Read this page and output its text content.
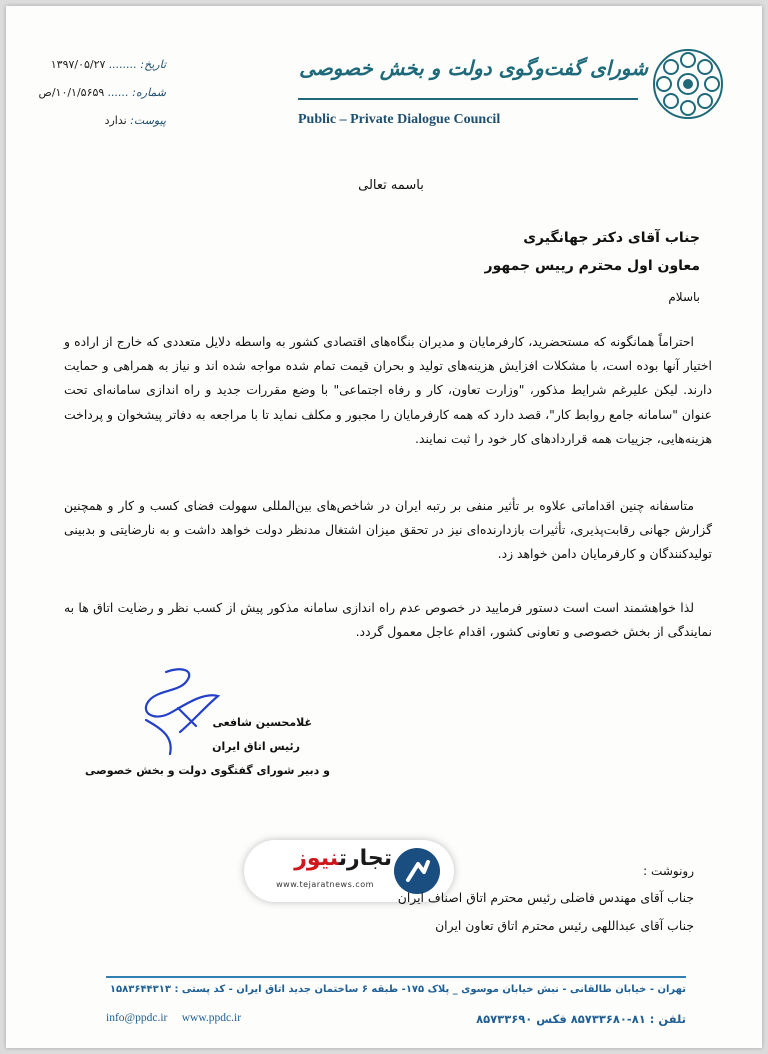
شورای گفت‌وگوی دولت و بخش خصوصی
Public – Private Dialogue Council
تاریخ: ........ ۱۳۹۷/۰۵/۲۷
شماره: ...... ۱۰/۱/۵۶۵۹/ص
پیوست: ندارد
باسمه تعالی
جناب آقای دکتر جهانگیری
معاون اول محترم رییس جمهور
باسلام
احتراماً همانگونه که مستحضرید، کارفرمایان و مدیران بنگاه‌های اقتصادی کشور به واسطه دلایل متعددی که خارج از اراده و اختیار آنها بوده است، با مشکلات افزایش هزینه‌های تولید و بحران قیمت تمام شده مواجه شده اند و نیاز به همراهی و حمایت دارند. لیکن علیرغم شرایط مذکور، "وزارت تعاون، کار و رفاه اجتماعی" با وضع مقررات جدید و راه اندازی سامانه‌ای تحت عنوان "سامانه جامع روابط کار"، قصد دارد که همه کارفرمایان را مجبور و مکلف نماید تا با مراجعه به دفاتر پیشخوان و پرداخت هزینه‌هایی، جزییات همه قراردادهای کار خود را ثبت نمایند.
متاسفانه چنین اقداماتی علاوه بر تأثیر منفی بر رتبه ایران در شاخص‌های بین‌المللی سهولت فضای کسب و کار و همچنین گزارش جهانی رقابت‌پذیری، تأثیرات بازدارنده‌ای نیز در تحقق میزان اشتغال مدنظر دولت خواهد داشت و به نارضایتی و بدبینی تولیدکنندگان و کارفرمایان دامن خواهد زد.
لذا خواهشمند است است دستور فرمایید در خصوص عدم راه اندازی سامانه مذکور پیش از کسب نظر و رضایت اتاق ها به نمایندگی از بخش خصوصی و تعاونی کشور، اقدام عاجل معمول گردد.
غلامحسین شافعی
رئیس اتاق ایران
و دبیر شورای گفتگوی دولت و بخش خصوصی
تجارتنیوز
www.tejaratnews.com
رونوشت :
جناب آقای مهندس فاضلی رئیس محترم اتاق اصناف ایران
جناب آقای عبداللهی رئیس محترم اتاق تعاون ایران
تهران - خیابان طالقانی - نبش خیابان موسوی _ پلاک ۱۷۵- طبقه ۶ ساختمان جدید اتاق ایران - کد پستی : ۱۵۸۳۶۴۴۳۱۳
تلفن : ۸۱-۸۵۷۳۳۶۸۰ فکس ۸۵۷۳۳۶۹۰
info@ppdc.ir www.ppdc.ir
